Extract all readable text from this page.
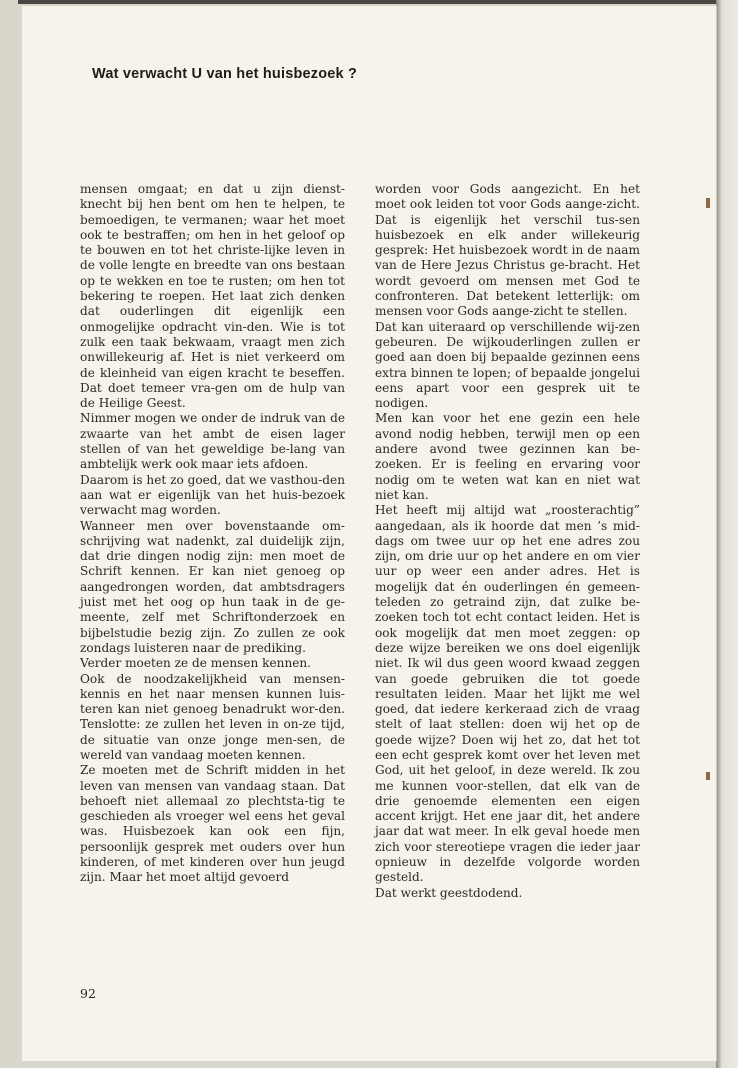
Wat verwacht U van het huisbezoek ?

mensen omgaat; en dat u zijn dienst-knecht bij hen bent om hen te helpen, te bemoedigen, te vermanen; waar het moet ook te bestraffen; om hen in het geloof op te bouwen en tot het christe-lijke leven in de volle lengte en breedte van ons bestaan op te wekken en toe te rusten; om hen tot bekering te roepen. Het laat zich denken dat ouderlingen dit eigenlijk een onmogelijke opdracht vin-den. Wie is tot zulk een taak bekwaam, vraagt men zich onwillekeurig af. Het is niet verkeerd om de kleinheid van eigen kracht te beseffen. Dat doet temeer vra-gen om de hulp van de Heilige Geest.

Nimmer mogen we onder de indruk van de zwaarte van het ambt de eisen lager stellen of van het geweldige be-lang van ambtelijk werk ook maar iets afdoen.

Daarom is het zo goed, dat we vasthou-den aan wat er eigenlijk van het huis-bezoek verwacht mag worden.

Wanneer men over bovenstaande om-schrijving wat nadenkt, zal duidelijk zijn, dat drie dingen nodig zijn: men moet de Schrift kennen. Er kan niet genoeg op aangedrongen worden, dat ambtsdragers juist met het oog op hun taak in de ge-meente, zelf met Schriftonderzoek en bijbelstudie bezig zijn. Zo zullen ze ook zondags luisteren naar de prediking.

Verder moeten ze de mensen kennen.

Ook de noodzakelijkheid van mensen-kennis en het naar mensen kunnen luis-teren kan niet genoeg benadrukt wor-den. Tenslotte: ze zullen het leven in on-ze tijd, de situatie van onze jonge men-sen, de wereld van vandaag moeten kennen.

Ze moeten met de Schrift midden in het leven van mensen van vandaag staan. Dat behoeft niet allemaal zo plechtsta-tig te geschieden als vroeger wel eens het geval was. Huisbezoek kan ook een fijn, persoonlijk gesprek met ouders over hun kinderen, of met kinderen over hun jeugd zijn. Maar het moet altijd gevoerd

worden voor Gods aangezicht. En het moet ook leiden tot voor Gods aange-zicht. Dat is eigenlijk het verschil tus-sen huisbezoek en elk ander willekeurig gesprek: Het huisbezoek wordt in de naam van de Here Jezus Christus ge-bracht. Het wordt gevoerd om mensen met God te confronteren. Dat betekent letterlijk: om mensen voor Gods aange-zicht te stellen.

Dat kan uiteraard op verschillende wij-zen gebeuren. De wijkouderlingen zullen er goed aan doen bij bepaalde gezinnen eens extra binnen te lopen; of bepaalde jongelui eens apart voor een gesprek uit te nodigen.

Men kan voor het ene gezin een hele avond nodig hebben, terwijl men op een andere avond twee gezinnen kan be-zoeken. Er is feeling en ervaring voor nodig om te weten wat kan en niet wat niet kan.

Het heeft mij altijd wat „roosterachtig” aangedaan, als ik hoorde dat men ’s mid-dags om twee uur op het ene adres zou zijn, om drie uur op het andere en om vier uur op weer een ander adres. Het is mogelijk dat én ouderlingen én gemeen-teleden zo getraind zijn, dat zulke be-zoeken toch tot echt contact leiden. Het is ook mogelijk dat men moet zeggen: op deze wijze bereiken we ons doel eigenlijk niet. Ik wil dus geen woord kwaad zeggen van goede gebruiken die tot goede resultaten leiden. Maar het lijkt me wel goed, dat iedere kerkeraad zich de vraag stelt of laat stellen: doen wij het op de goede wijze? Doen wij het zo, dat het tot een echt gesprek komt over het leven met God, uit het geloof, in deze wereld. Ik zou me kunnen voor-stellen, dat elk van de drie genoemde elementen een eigen accent krijgt. Het ene jaar dit, het andere jaar dat wat meer. In elk geval hoede men zich voor stereotiepe vragen die ieder jaar opnieuw in dezelfde volgorde worden gesteld.

Dat werkt geestdodend.

92
